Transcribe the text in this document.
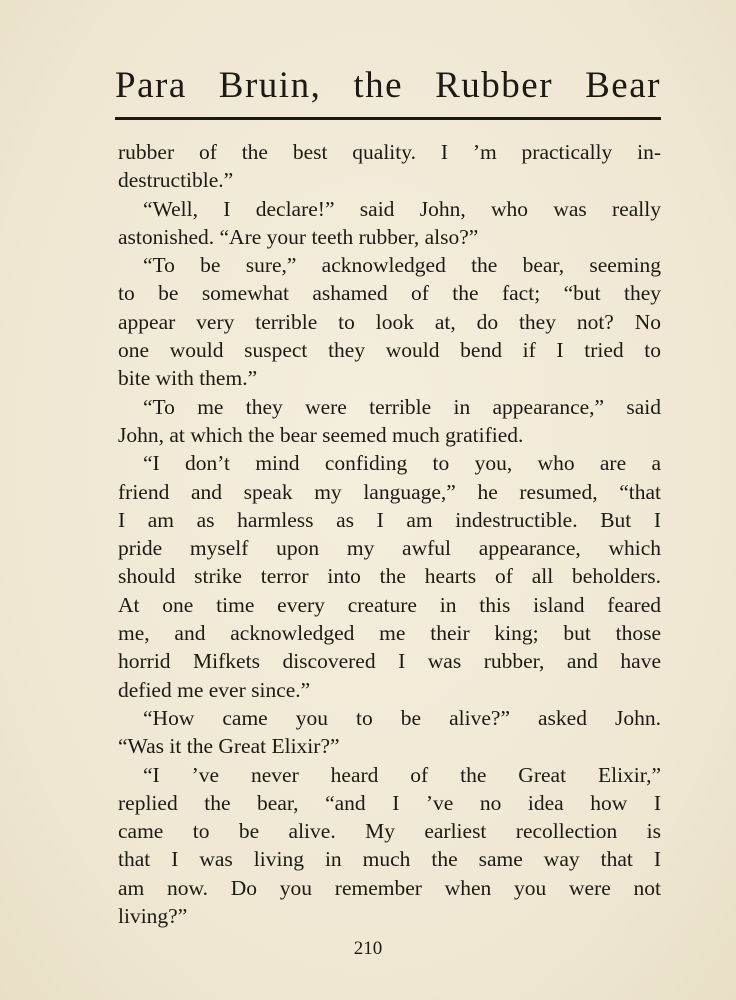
Para Bruin, the Rubber Bear
rubber of the best quality. I ’m practically in-
destructible.”
“Well, I declare!” said John, who was really
astonished. “Are your teeth rubber, also?”
“To be sure,” acknowledged the bear, seeming
to be somewhat ashamed of the fact; “but they
appear very terrible to look at, do they not? No
one would suspect they would bend if I tried to
bite with them.”
“To me they were terrible in appearance,” said
John, at which the bear seemed much gratified.
“I don’t mind confiding to you, who are a
friend and speak my language,” he resumed, “that
I am as harmless as I am indestructible. But I
pride myself upon my awful appearance, which
should strike terror into the hearts of all beholders.
At one time every creature in this island feared
me, and acknowledged me their king; but those
horrid Mifkets discovered I was rubber, and have
defied me ever since.”
“How came you to be alive?” asked John.
“Was it the Great Elixir?”
“I ’ve never heard of the Great Elixir,”
replied the bear, “and I ’ve no idea how I
came to be alive. My earliest recollection is
that I was living in much the same way that I
am now. Do you remember when you were not
living?”
210
